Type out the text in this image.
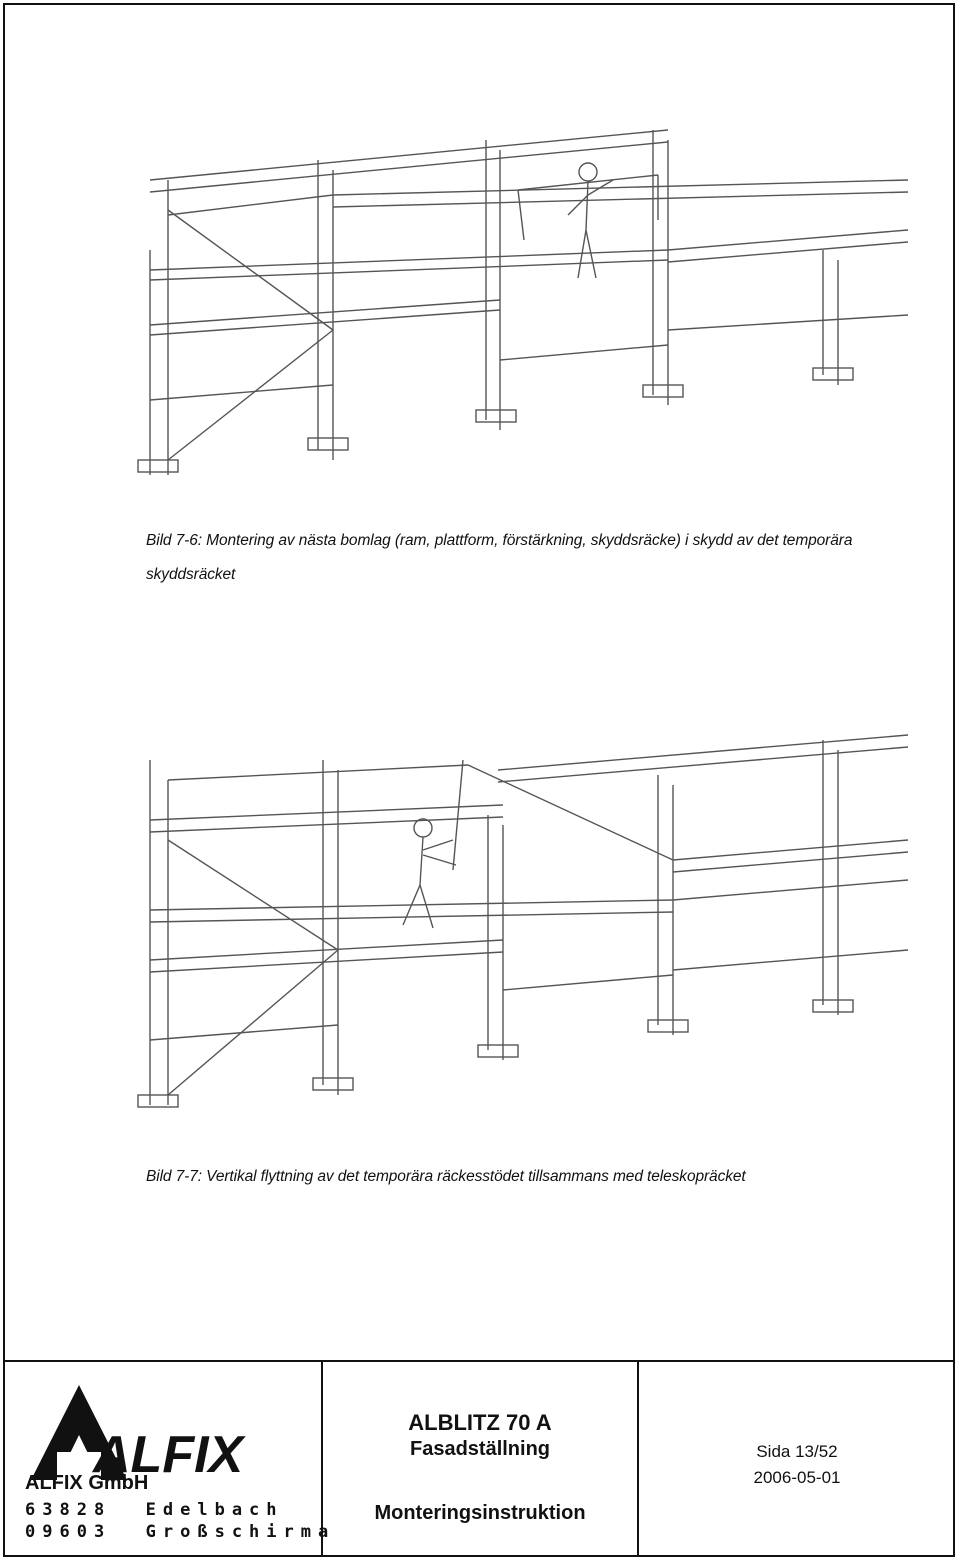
Bild 7-6: Montering av nästa bomlag (ram, plattform, förstärkning, skyddsräcke) i skydd av det temporära skyddsräcket
Bild 7-7: Vertikal flyttning av det temporära räckesstödet tillsammans med teleskopräcket
ALFIX
ALFIX GmbH
63828  Edelbach
09603  Großschirma
ALBLITZ 70 A
Fasadställning
Monteringsinstruktion
Sida 13/52
2006-05-01
